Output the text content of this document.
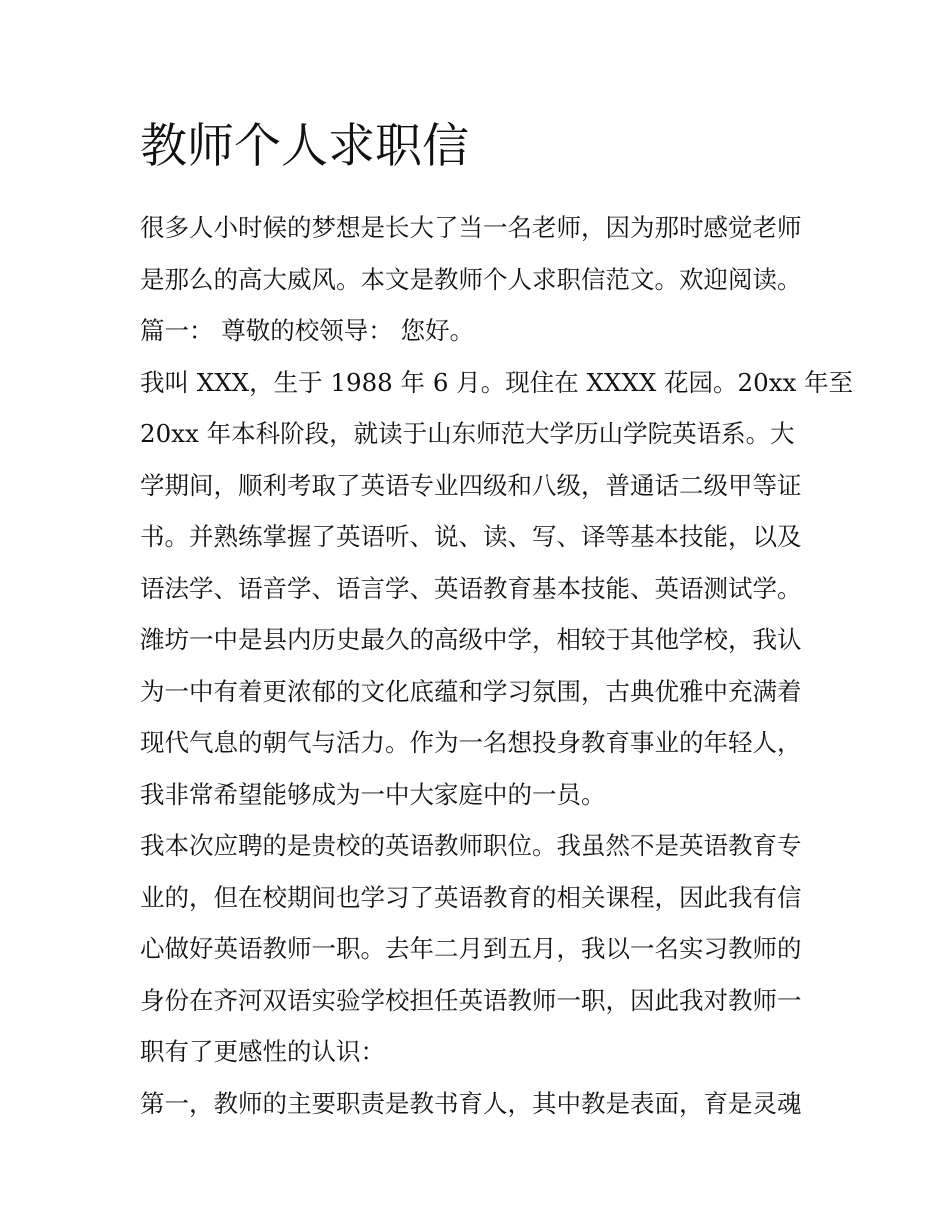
教师个人求职信

很多人小时候的梦想是长大了当一名老师，因为那时感觉老师
是那么的高大威风。本文是教师个人求职信范文。欢迎阅读。

篇一： 尊敬的校领导： 您好。

我叫 XXX，生于 1988 年 6 月。现住在 XXXX 花园。20xx 年至
20xx 年本科阶段，就读于山东师范大学历山学院英语系。大
学期间，顺利考取了英语专业四级和八级，普通话二级甲等证
书。并熟练掌握了英语听、说、读、写、译等基本技能，以及
语法学、语音学、语言学、英语教育基本技能、英语测试学。

潍坊一中是县内历史最久的高级中学，相较于其他学校，我认
为一中有着更浓郁的文化底蕴和学习氛围，古典优雅中充满着
现代气息的朝气与活力。作为一名想投身教育事业的年轻人，
我非常希望能够成为一中大家庭中的一员。

我本次应聘的是贵校的英语教师职位。我虽然不是英语教育专
业的，但在校期间也学习了英语教育的相关课程，因此我有信
心做好英语教师一职。去年二月到五月，我以一名实习教师的
身份在齐河双语实验学校担任英语教师一职，因此我对教师一
职有了更感性的认识：

第一，教师的主要职责是教书育人，其中教是表面，育是灵魂
